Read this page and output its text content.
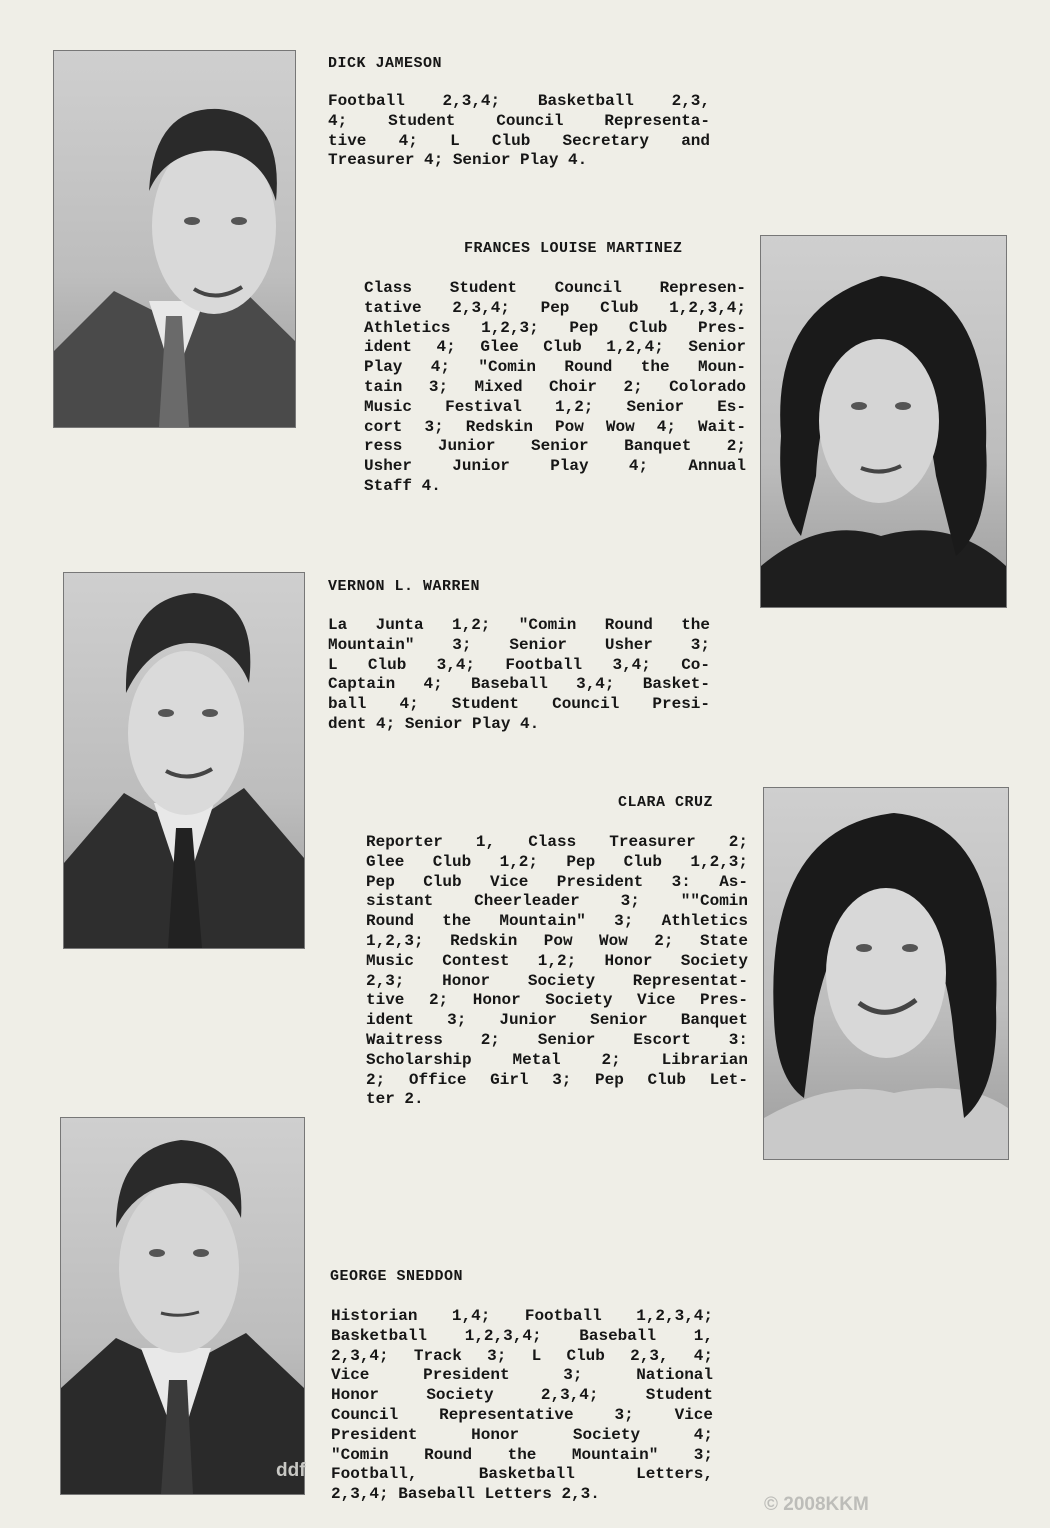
DICK JAMESON
Football 2,3,4; Basketball 2,3,
4; Student Council Representa-
tive 4; L Club Secretary and
Treasurer 4; Senior Play 4.
FRANCES LOUISE MARTINEZ
Class Student Council Represen-
tative 2,3,4; Pep Club 1,2,3,4;
Athletics 1,2,3; Pep Club Pres-
ident 4; Glee Club 1,2,4; Senior
Play 4; "Comin Round the Moun-
tain 3; Mixed Choir 2; Colorado
Music Festival 1,2; Senior Es-
cort 3; Redskin Pow Wow 4; Wait-
ress Junior Senior Banquet 2;
Usher Junior Play 4; Annual
Staff 4.
VERNON L. WARREN
La Junta 1,2; "Comin Round the
Mountain" 3; Senior Usher 3;
L Club 3,4; Football 3,4; Co-
Captain 4; Baseball 3,4; Basket-
ball 4; Student Council Presi-
dent 4; Senior Play 4.
CLARA CRUZ
Reporter 1, Class Treasurer 2;
Glee Club 1,2; Pep Club 1,2,3;
Pep Club Vice President 3: As-
sistant Cheerleader 3; ""Comin
Round the Mountain" 3; Athletics
1,2,3; Redskin Pow Wow 2; State
Music Contest 1,2; Honor Society
2,3; Honor Society Representat-
tive 2; Honor Society Vice Pres-
ident 3; Junior Senior Banquet
Waitress 2; Senior Escort 3:
Scholarship Metal 2; Librarian
2; Office Girl 3; Pep Club Let-
ter 2.
GEORGE SNEDDON
Historian 1,4; Football 1,2,3,4;
Basketball 1,2,3,4; Baseball 1,
2,3,4; Track 3; L Club 2,3, 4;
Vice President 3; National
Honor Society 2,3,4; Student
Council Representative 3; Vice
President Honor Society 4;
"Comin Round the Mountain" 3;
Football, Basketball Letters,
2,3,4; Baseball Letters 2,3.
ddf
© 2008KKM
